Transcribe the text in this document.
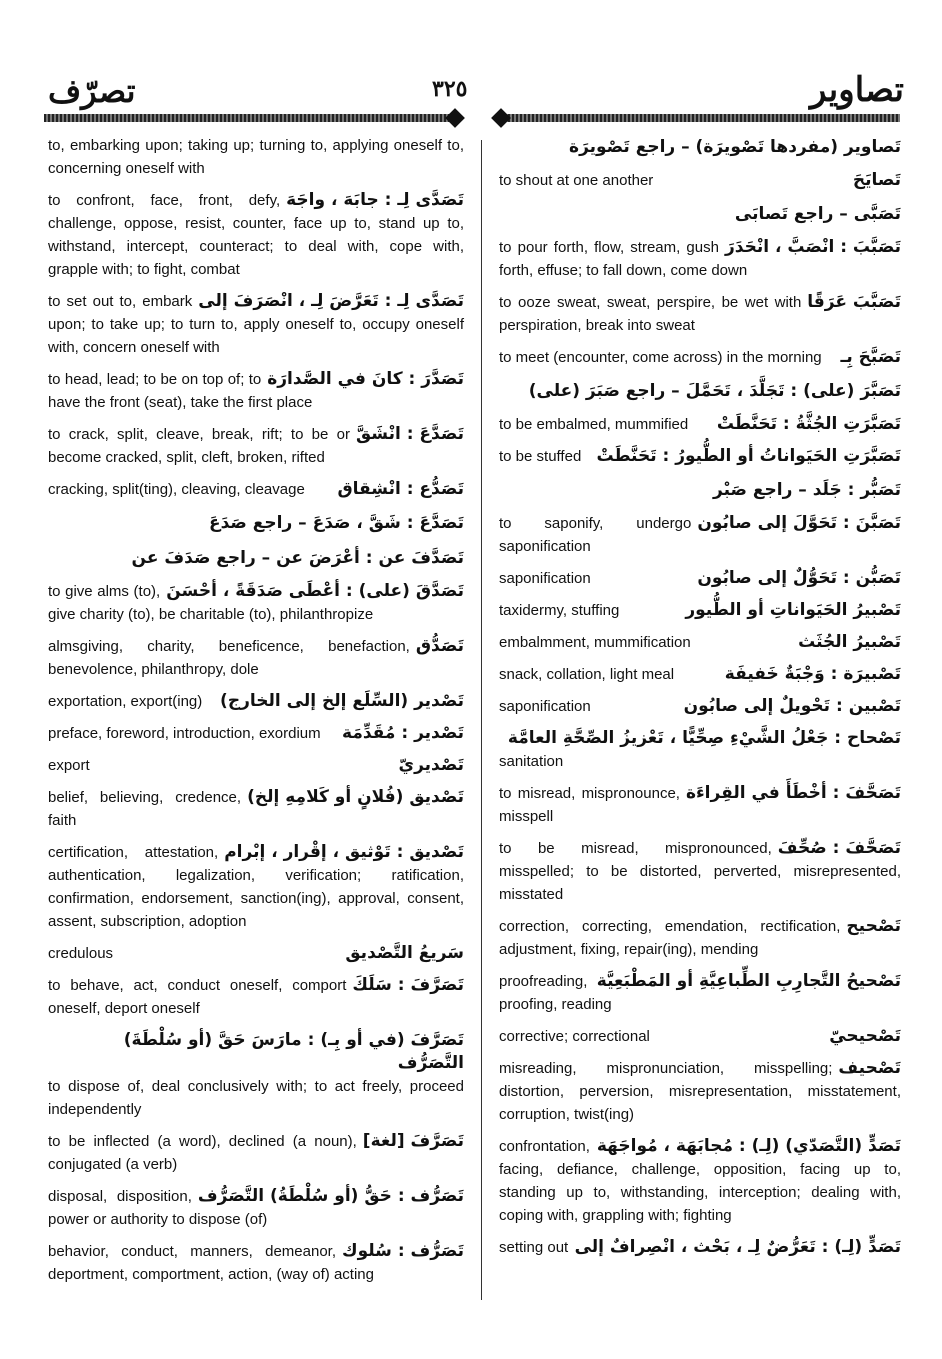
تصاوير
٣٢٥
تصرّف
to, embarking upon; taking up; turning to, applying oneself to, concerning oneself with
تَصَدَّى لِـ : جابَهَ ، واجَهَ
to confront, face, front, defy, challenge, oppose, resist, counter, face up to, stand up to, withstand, intercept, counteract; to deal with, cope with, grapple with; to fight, combat
تَصَدَّى لِـ : تَعَرَّضَ لِـ ، انْصَرَفَ إلى
to set out to, embark upon; to take up; to turn to, apply oneself to, occupy oneself with, concern oneself with
تَصَدَّرَ : كانَ في الصَّدارَة
to head, lead; to be on top of; to have the front (seat), take the first place
تَصَدَّعَ : انْشَقَّ
to crack, split, cleave, break, rift; to be or become cracked, split, cleft, broken, rifted
تَصَدُّع : انْشِقاق
cracking, split(ting), cleaving, cleavage
تَصَدَّعَ : شَقَّ ، صَدَعَ – راجع صَدَعَ
تَصَدَّفَ عن : أعْرَضَ عن – راجع صَدَفَ عن
تَصَدَّقَ (على) : أعْطَى صَدَقَةً ، أحْسَنَ
to give alms (to), give charity (to), be charitable (to), philanthropize
تَصَدُّق
almsgiving, charity, beneficence, benefaction, benevolence, philanthropy, dole
تَصْدير (السِّلَع إلخ إلى الخارج)
exportation, export(ing)
تَصْدير : مُقَدِّمَة
preface, foreword, introduction, exordium
تَصْديريّ
export
تَصْديق (فُلانٍ أو كَلامِهِ إلخ)
belief, believing, credence, faith
تَصْديق : تَوْثيق ، إقْرار ، إبْرام
certification, attestation, authentication, legalization, verification; ratification, confirmation, endorsement, sanction(ing), approval, consent, assent, subscription, adoption
سَريعُ التَّصْديق
credulous
تَصَرَّفَ : سَلَكَ
to behave, act, conduct oneself, comport oneself, deport oneself
تَصَرَّفَ (في أو بِـ) : مارَسَ حَقَّ (أو سُلْطَةَ) التَّصَرُّف
to dispose of, deal conclusively with; to act freely, proceed independently
تَصَرَّفَ [لغة]
to be inflected (a word), declined (a noun), conjugated (a verb)
تَصَرُّف : حَقُّ (أو سُلْطَةُ) التَّصَرُّف
disposal, disposition, power or authority to dispose (of)
تَصَرُّف : سُلوك
behavior, conduct, manners, demeanor, deportment, comportment, action, (way of) acting
تَصاوير (مفردها تَصْويرَة) – راجع تَصْويرَة
تَصايَحَ
to shout at one another
تَصَبَّى – راجع تَصابَى
تَصَبَّبَ : انْصَبَّ ، انْحَدَرَ
to pour forth, flow, stream, gush forth, effuse; to fall down, come down
تَصَبَّبَ عَرَقًا
to ooze sweat, sweat, perspire, be wet with perspiration, break into sweat
تَصَبَّحَ بِـ
to meet (encounter, come across) in the morning
تَصَبَّرَ (على) : تَجَلَّدَ ، تَحَمَّلَ – راجع صَبَرَ (على)
تَصَبَّرَتِ الجُثَّةُ : تَحَنَّطَتْ
to be embalmed, mummified
تَصَبَّرَتِ الحَيَواناتُ أو الطُّيورُ : تَحَنَّطَتْ
to be stuffed
تَصَبُّر : جَلَد – راجع صَبْر
تَصَبَّنَ : تَحَوَّلَ إلى صابُون
to saponify, undergo saponification
تَصَبُّن : تَحَوُّلٌ إلى صابُون
saponification
تَصْبيرُ الحَيَواناتِ أو الطُّيور
taxidermy, stuffing
تَصْبيرُ الجُثَث
embalmment, mummification
تَصْبيرَة : وَجْبَةٌ خَفيفَة
snack, collation, light meal
تَصْبين : تَحْويلٌ إلى صابُون
saponification
تَصْحاح : جَعْلُ الشَّيْءِ صِحِّيًّا ، تَعْزيزُ الصِّحَّةِ العامَّة
sanitation
تَصَحَّفَ : أخْطَأَ في القِراءَة
to misread, mispronounce, misspell
تَصَحَّفَ : صُحِّفَ
to be misread, mispronounced, misspelled; to be distorted, perverted, misrepresented, misstated
تَصْحيح
correction, correcting, emendation, rectification, adjustment, fixing, repair(ing), mending
تَصْحيحُ التَّجارِبِ الطِّباعِيَّةِ أو المَطْبَعِيَّة
proofreading, proofing, reading
تَصْحيحيّ
corrective; correctional
تَصْحيف
misreading, mispronunciation, misspelling; distortion, perversion, misrepresentation, misstatement, corruption, twist(ing)
تَصَدٍّ (التَّصَدّي) (لِـ) : مُجابَهَة ، مُواجَهَة
confrontation, facing, defiance, challenge, opposition, facing up to, standing up to, withstanding, interception; dealing with, coping with, grappling with; fighting
تَصَدٍّ (لِـ) : تَعَرُّضٌ لِـ ، بَحْث ، انْصِرافٌ إلى
setting out
